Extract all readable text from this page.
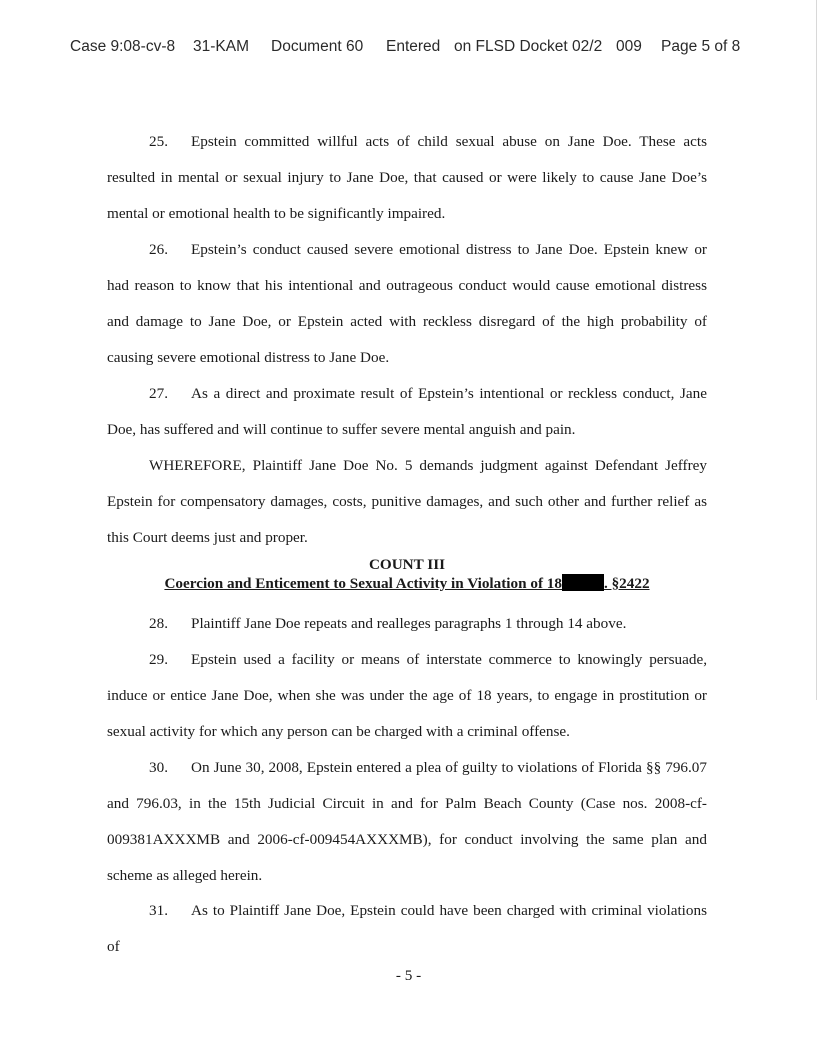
Case 9:08-cv-8 31-KAM Document 60 Entered on FLSD Docket 02/2 009 Page 5 of 8
25. Epstein committed willful acts of child sexual abuse on Jane Doe. These acts resulted in mental or sexual injury to Jane Doe, that caused or were likely to cause Jane Doe’s mental or emotional health to be significantly impaired.
26. Epstein’s conduct caused severe emotional distress to Jane Doe. Epstein knew or had reason to know that his intentional and outrageous conduct would cause emotional distress and damage to Jane Doe, or Epstein acted with reckless disregard of the high probability of causing severe emotional distress to Jane Doe.
27. As a direct and proximate result of Epstein’s intentional or reckless conduct, Jane Doe, has suffered and will continue to suffer severe mental anguish and pain.
WHEREFORE, Plaintiff Jane Doe No. 5 demands judgment against Defendant Jeffrey Epstein for compensatory damages, costs, punitive damages, and such other and further relief as this Court deems just and proper.
COUNT III
Coercion and Enticement to Sexual Activity in Violation of 18	. §2422
28. Plaintiff Jane Doe repeats and realleges paragraphs 1 through 14 above.
29. Epstein used a facility or means of interstate commerce to knowingly persuade, induce or entice Jane Doe, when she was under the age of 18 years, to engage in prostitution or sexual activity for which any person can be charged with a criminal offense.
30. On June 30, 2008, Epstein entered a plea of guilty to violations of Florida §§ 796.07 and 796.03, in the 15th Judicial Circuit in and for Palm Beach County (Case nos. 2008-cf-009381AXXXMB and 2006-cf-009454AXXXMB), for conduct involving the same plan and scheme as alleged herein.
31. As to Plaintiff Jane Doe, Epstein could have been charged with criminal violations of
- 5 -
